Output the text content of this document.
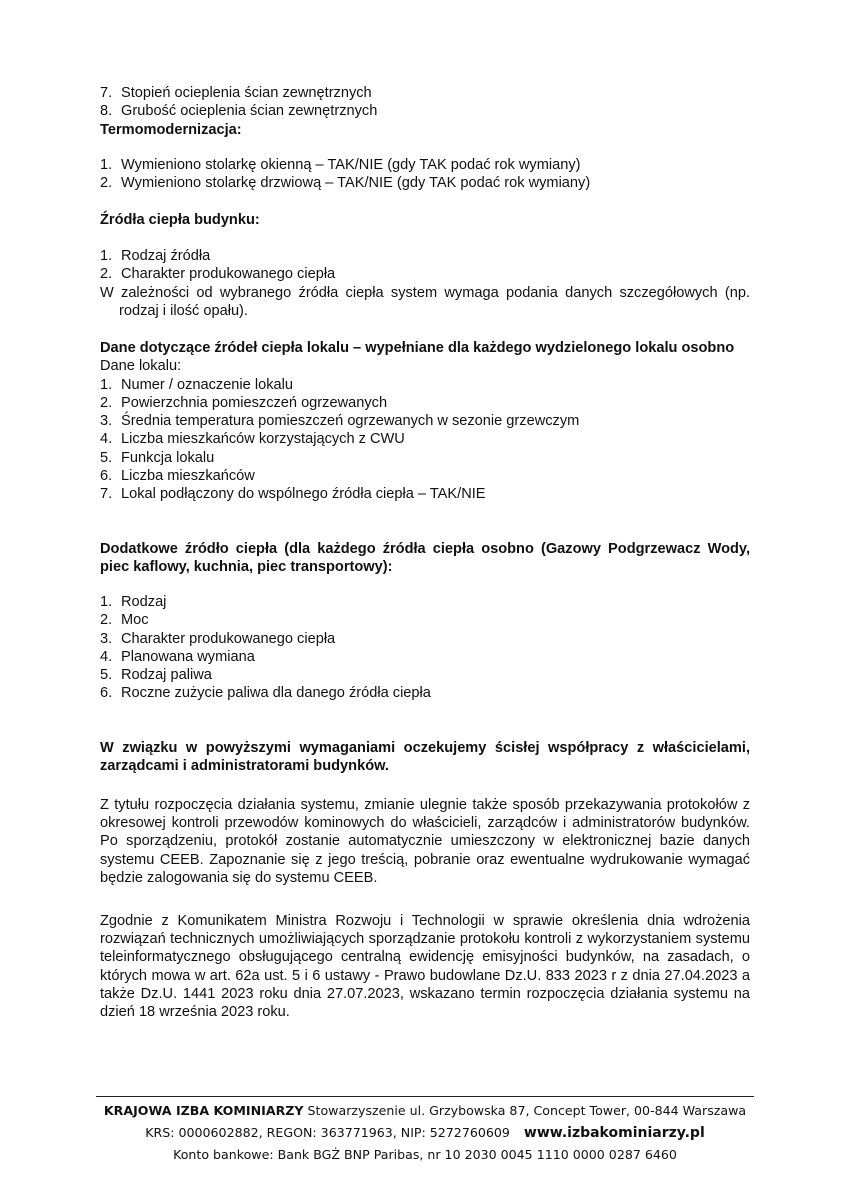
7. Stopień ocieplenia ścian zewnętrznych
8. Grubość ocieplenia ścian zewnętrznych

Termomodernizacja:

1. Wymieniono stolarkę okienną – TAK/NIE (gdy TAK podać rok wymiany)
2. Wymieniono stolarkę drzwiową – TAK/NIE (gdy TAK podać rok wymiany)

Źródła ciepła budynku:

1. Rodzaj źródła
2. Charakter produkowanego ciepła

W zależności od wybranego źródła ciepła system wymaga podania danych szczegółowych (np. rodzaj i ilość opału).

Dane dotyczące źródeł ciepła lokalu – wypełniane dla każdego wydzielonego lokalu osobno

Dane lokalu:

1. Numer / oznaczenie lokalu
2. Powierzchnia pomieszczeń ogrzewanych
3. Średnia temperatura pomieszczeń ogrzewanych w sezonie grzewczym
4. Liczba mieszkańców korzystających z CWU
5. Funkcja lokalu
6. Liczba mieszkańców
7. Lokal podłączony do wspólnego źródła ciepła – TAK/NIE

Dodatkowe źródło ciepła (dla każdego źródła ciepła osobno (Gazowy Podgrzewacz Wody, piec kaflowy, kuchnia, piec transportowy):

1. Rodzaj
2. Moc
3. Charakter produkowanego ciepła
4. Planowana wymiana
5. Rodzaj paliwa
6. Roczne zużycie paliwa dla danego źródła ciepła

W związku w powyższymi wymaganiami oczekujemy ścisłej współpracy z właścicielami, zarządcami i administratorami budynków.

Z tytułu rozpoczęcia działania systemu, zmianie ulegnie także sposób przekazywania protokołów z okresowej kontroli przewodów kominowych do właścicieli, zarządców i administratorów budynków. Po sporządzeniu, protokół zostanie automatycznie umieszczony w elektronicznej bazie danych systemu CEEB. Zapoznanie się z jego treścią, pobranie oraz ewentualne wydrukowanie wymagać będzie zalogowania się do systemu CEEB.

Zgodnie z Komunikatem Ministra Rozwoju i Technologii w sprawie określenia dnia wdrożenia rozwiązań technicznych umożliwiających sporządzanie protokołu kontroli z wykorzystaniem systemu teleinformatycznego obsługującego centralną ewidencję emisyjności budynków, na zasadach, o których mowa w art. 62a ust. 5 i 6 ustawy - Prawo budowlane Dz.U. 833 2023 r z dnia 27.04.2023 a także Dz.U. 1441 2023 roku dnia 27.07.2023, wskazano termin rozpoczęcia działania systemu na dzień 18 września 2023 roku.

KRAJOWA IZBA KOMINIARZY Stowarzyszenie ul. Grzybowska 87, Concept Tower, 00-844 Warszawa
KRS: 0000602882, REGON: 363771963, NIP: 5272760609 www.izbakominiarzy.pl
Konto bankowe: Bank BGŻ BNP Paribas, nr 10 2030 0045 1110 0000 0287 6460
